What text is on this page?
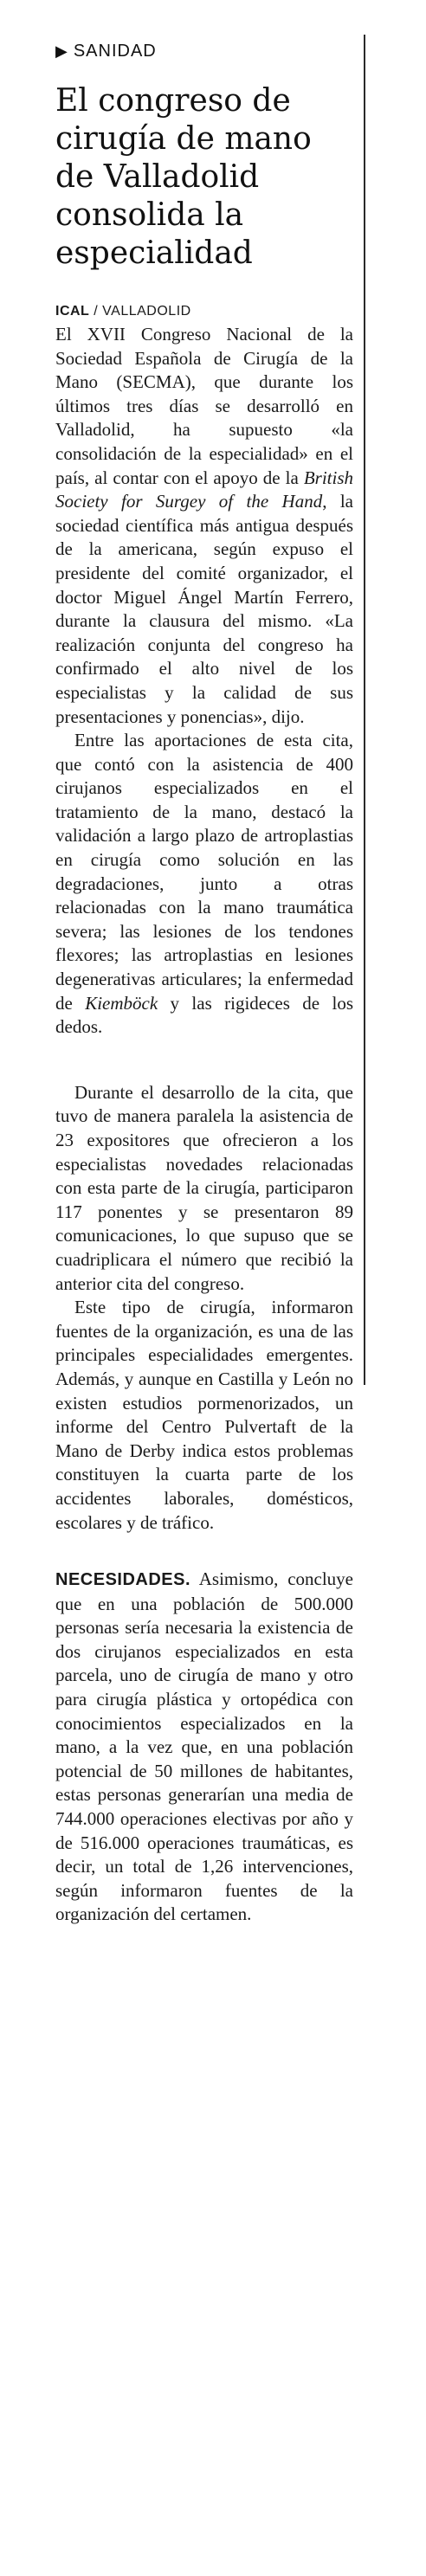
▶ SANIDAD
El congreso de cirugía de mano de Valladolid consolida la especialidad
ICAL / VALLADOLID

El XVII Congreso Nacional de la Sociedad Española de Cirugía de la Mano (SECMA), que durante los últimos tres días se desarrolló en Valladolid, ha supuesto «la consolidación de la especialidad» en el país, al contar con el apoyo de la British Society for Surgey of the Hand, la sociedad científica más antigua después de la americana, según expuso el presidente del comité organizador, el doctor Miguel Ángel Martín Ferrero, durante la clausura del mismo. «La realización conjunta del congreso ha confirmado el alto nivel de los especialistas y la calidad de sus presentaciones y ponencias», dijo.

Entre las aportaciones de esta cita, que contó con la asistencia de 400 cirujanos especializados en el tratamiento de la mano, destacó la validación a largo plazo de artroplastias en cirugía como solución en las degradaciones, junto a otras relacionadas con la mano traumática severa; las lesiones de los tendones flexores; las artroplastias en lesiones degenerativas articulares; la enfermedad de Kiemböck y las rigideces de los dedos.

Durante el desarrollo de la cita, que tuvo de manera paralela la asistencia de 23 expositores que ofrecieron a los especialistas novedades relacionadas con esta parte de la cirugía, participaron 117 ponentes y se presentaron 89 comunicaciones, lo que supuso que se cuadriplicara el número que recibió la anterior cita del congreso.

Este tipo de cirugía, informaron fuentes de la organización, es una de las principales especialidades emergentes. Además, y aunque en Castilla y León no existen estudios pormenorizados, un informe del Centro Pulvertaft de la Mano de Derby indica estos problemas constituyen la cuarta parte de los accidentes laborales, domésticos, escolares y de tráfico.

NECESIDADES. Asimismo, concluye que en una población de 500.000 personas sería necesaria la existencia de dos cirujanos especializados en esta parcela, uno de cirugía de mano y otro para cirugía plástica y ortopédica con conocimientos especializados en la mano, a la vez que, en una población potencial de 50 millones de habitantes, estas personas generarían una media de 744.000 operaciones electivas por año y de 516.000 operaciones traumáticas, es decir, un total de 1,26 intervenciones, según informaron fuentes de la organización del certamen.
